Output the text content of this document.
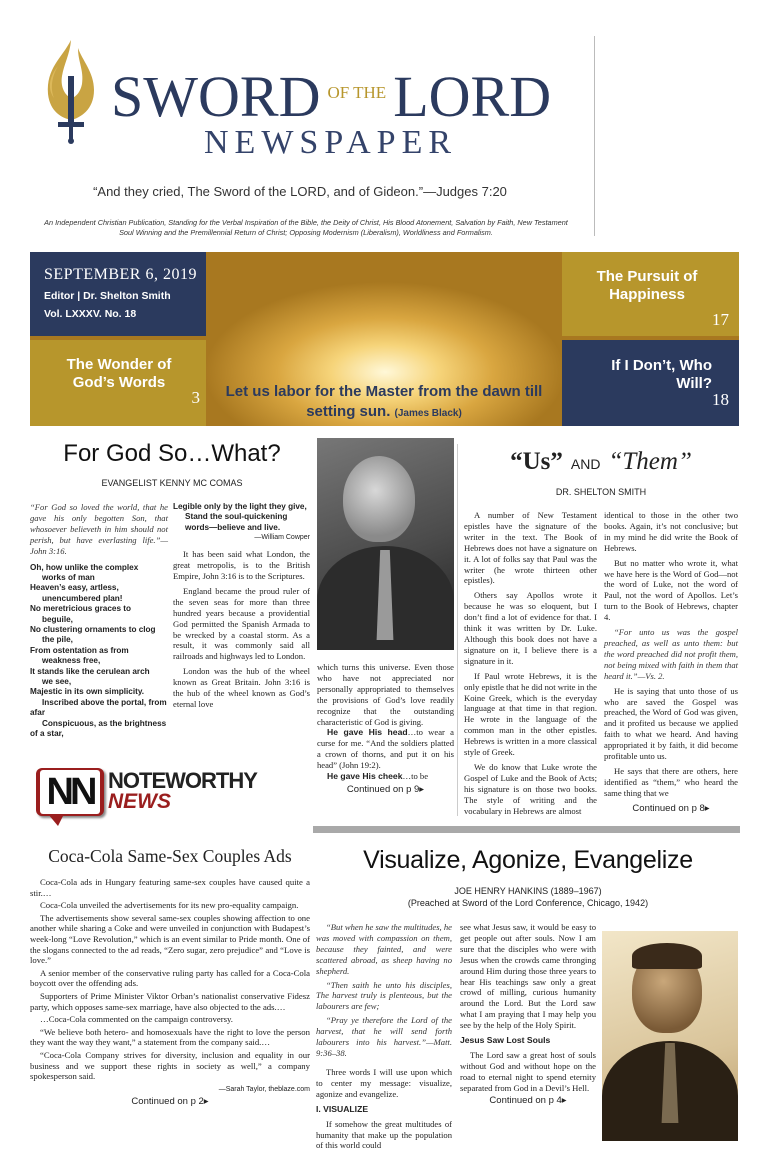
SWORD OF THE LORD
NEWSPAPER
“And they cried, The Sword of the LORD, and of Gideon.”—Judges 7:20
An Independent Christian Publication, Standing for the Verbal Inspiration of the Bible, the Deity of Christ, His Blood Atonement, Salvation by Faith, New Testament Soul Winning and the Premillennial Return of Christ; Opposing Modernism (Liberalism), Worldliness and Formalism.
SEPTEMBER 6, 2019
Editor | Dr. Shelton Smith
Vol. LXXXV. No. 18
The Wonder of God’s Words
3
The Pursuit of Happiness
17
If I Don’t, Who Will?
18
Let us labor for the Master from the dawn till setting sun. (James Black)
For God So…What?
EVANGELIST KENNY MC COMAS
“For God so loved the world, that he gave his only begotten Son, that whosoever believeth in him should not perish, but have everlasting life.”—John 3:16.
Oh, how unlike the complex
works of man
Heaven’s easy, artless,
unencumbered plan!
No meretricious graces to
beguile,
No clustering ornaments to clog
the pile,
From ostentation as from
weakness free,
It stands like the cerulean arch
we see,
Majestic in its own simplicity.
Inscribed above the portal, from
afar
Conspicuous, as the brightness
of a star,
Legible only by the light they give,
Stand the soul-quickening
words—believe and live.
—William Cowper
It has been said what London, the great metropolis, is to the British Empire, John 3:16 is to the Scriptures.
England became the proud ruler of the seven seas for more than three hundred years because a providential God permitted the Spanish Armada to be wrecked by a coastal storm. As a result, it was commonly said all railroads and highways led to London.
London was the hub of the wheel known as Great Britain. John 3:16 is the hub of the wheel known as God’s eternal love
which turns this universe. Even those who have not appreciated nor personally appropriated to themselves the provisions of God’s love readily recognize that the outstanding characteristic of God is giving.
He gave His head…to wear a curse for me. “And the soldiers platted a crown of thorns, and put it on his head” (John 19:2).
He gave His cheek…to be
Continued on p 9▸
“Us” AND “Them”
DR. SHELTON SMITH
A number of New Testament epistles have the signature of the writer in the text. The Book of Hebrews does not have a signature on it. A lot of folks say that Paul was the writer (he wrote thirteen other epistles).
Others say Apollos wrote it because he was so eloquent, but I don’t find a lot of evidence for that. I think it was written by Dr. Luke. Although this book does not have a signature on it, I believe there is a signature in it.
If Paul wrote Hebrews, it is the only epistle that he did not write in the Koine Greek, which is the everyday language at that time in that region. He wrote in the language of the common man in the other epistles. Hebrews is written in a more classical style of Greek.
We do know that Luke wrote the Gospel of Luke and the Book of Acts; his signature is on those two books. The style of writing and the vocabulary in Hebrews are almost
identical to those in the other two books. Again, it’s not conclusive; but in my mind he did write the Book of Hebrews.
But no matter who wrote it, what we have here is the Word of God—not the word of Luke, not the word of Paul, not the word of Apollos. Let’s turn to the Book of Hebrews, chapter 4.
“For unto us was the gospel preached, as well as unto them: but the word preached did not profit them, not being mixed with faith in them that heard it.”—Vs. 2.
He is saying that unto those of us who are saved the Gospel was preached, the Word of God was given, and it profited us because we applied faith to what we heard. And having appropriated it by faith, it did become profitable unto us.
He says that there are others, here identified as “them,” who heard the same thing that we
Continued on p 8▸
NN NOTEWORTHY
NEWS
Coca-Cola Same-Sex Couples Ads
Coca-Cola ads in Hungary featuring same-sex couples have caused quite a stir.…
Coca-Cola unveiled the advertisements for its new pro-equality campaign.
The advertisements show several same-sex couples showing affection to one another while sharing a Coke and were unveiled in conjunction with Budapest’s week-long “Love Revolution,” which is an event similar to Pride month. One of the slogans connected to the ad reads, “Zero sugar, zero prejudice” and “Love is love.”
A senior member of the conservative ruling party has called for a Coca-Cola boycott over the offending ads.
Supporters of Prime Minister Viktor Orban’s nationalist conservative Fidesz party, which opposes same-sex marriage, have also objected to the ads.…
…Coca-Cola commented on the campaign controversy.
“We believe both hetero- and homosexuals have the right to love the person they want the way they want,” a statement from the company said.…
“Coca-Cola Company strives for diversity, inclusion and equality in our business and we support these rights in society as well,” a company spokesperson said.
—Sarah Taylor, theblaze.com
Continued on p 2▸
Visualize, Agonize, Evangelize
JOE HENRY HANKINS (1889–1967)
(Preached at Sword of the Lord Conference, Chicago, 1942)
“But when he saw the multitudes, he was moved with compassion on them, because they fainted, and were scattered abroad, as sheep having no shepherd.
“Then saith he unto his disciples, The harvest truly is plenteous, but the labourers are few;
“Pray ye therefore the Lord of the harvest, that he will send forth labourers into his harvest.”—Matt. 9:36–38.
Three words I will use upon which to center my message: visualize, agonize and evangelize.
I. VISUALIZE
If somehow the great multitudes of humanity that make up the population of this world could
see what Jesus saw, it would be easy to get people out after souls. Now I am sure that the disciples who were with Jesus when the crowds came thronging around Him during those three years to hear His teachings saw only a great crowd of milling, curious humanity around the Lord. But the Lord saw what I am praying that I may help you see by the help of the Holy Spirit.
Jesus Saw Lost Souls
The Lord saw a great host of souls without God and without hope on the road to eternal night to spend eternity separated from God in a Devil’s Hell.
Continued on p 4▸
